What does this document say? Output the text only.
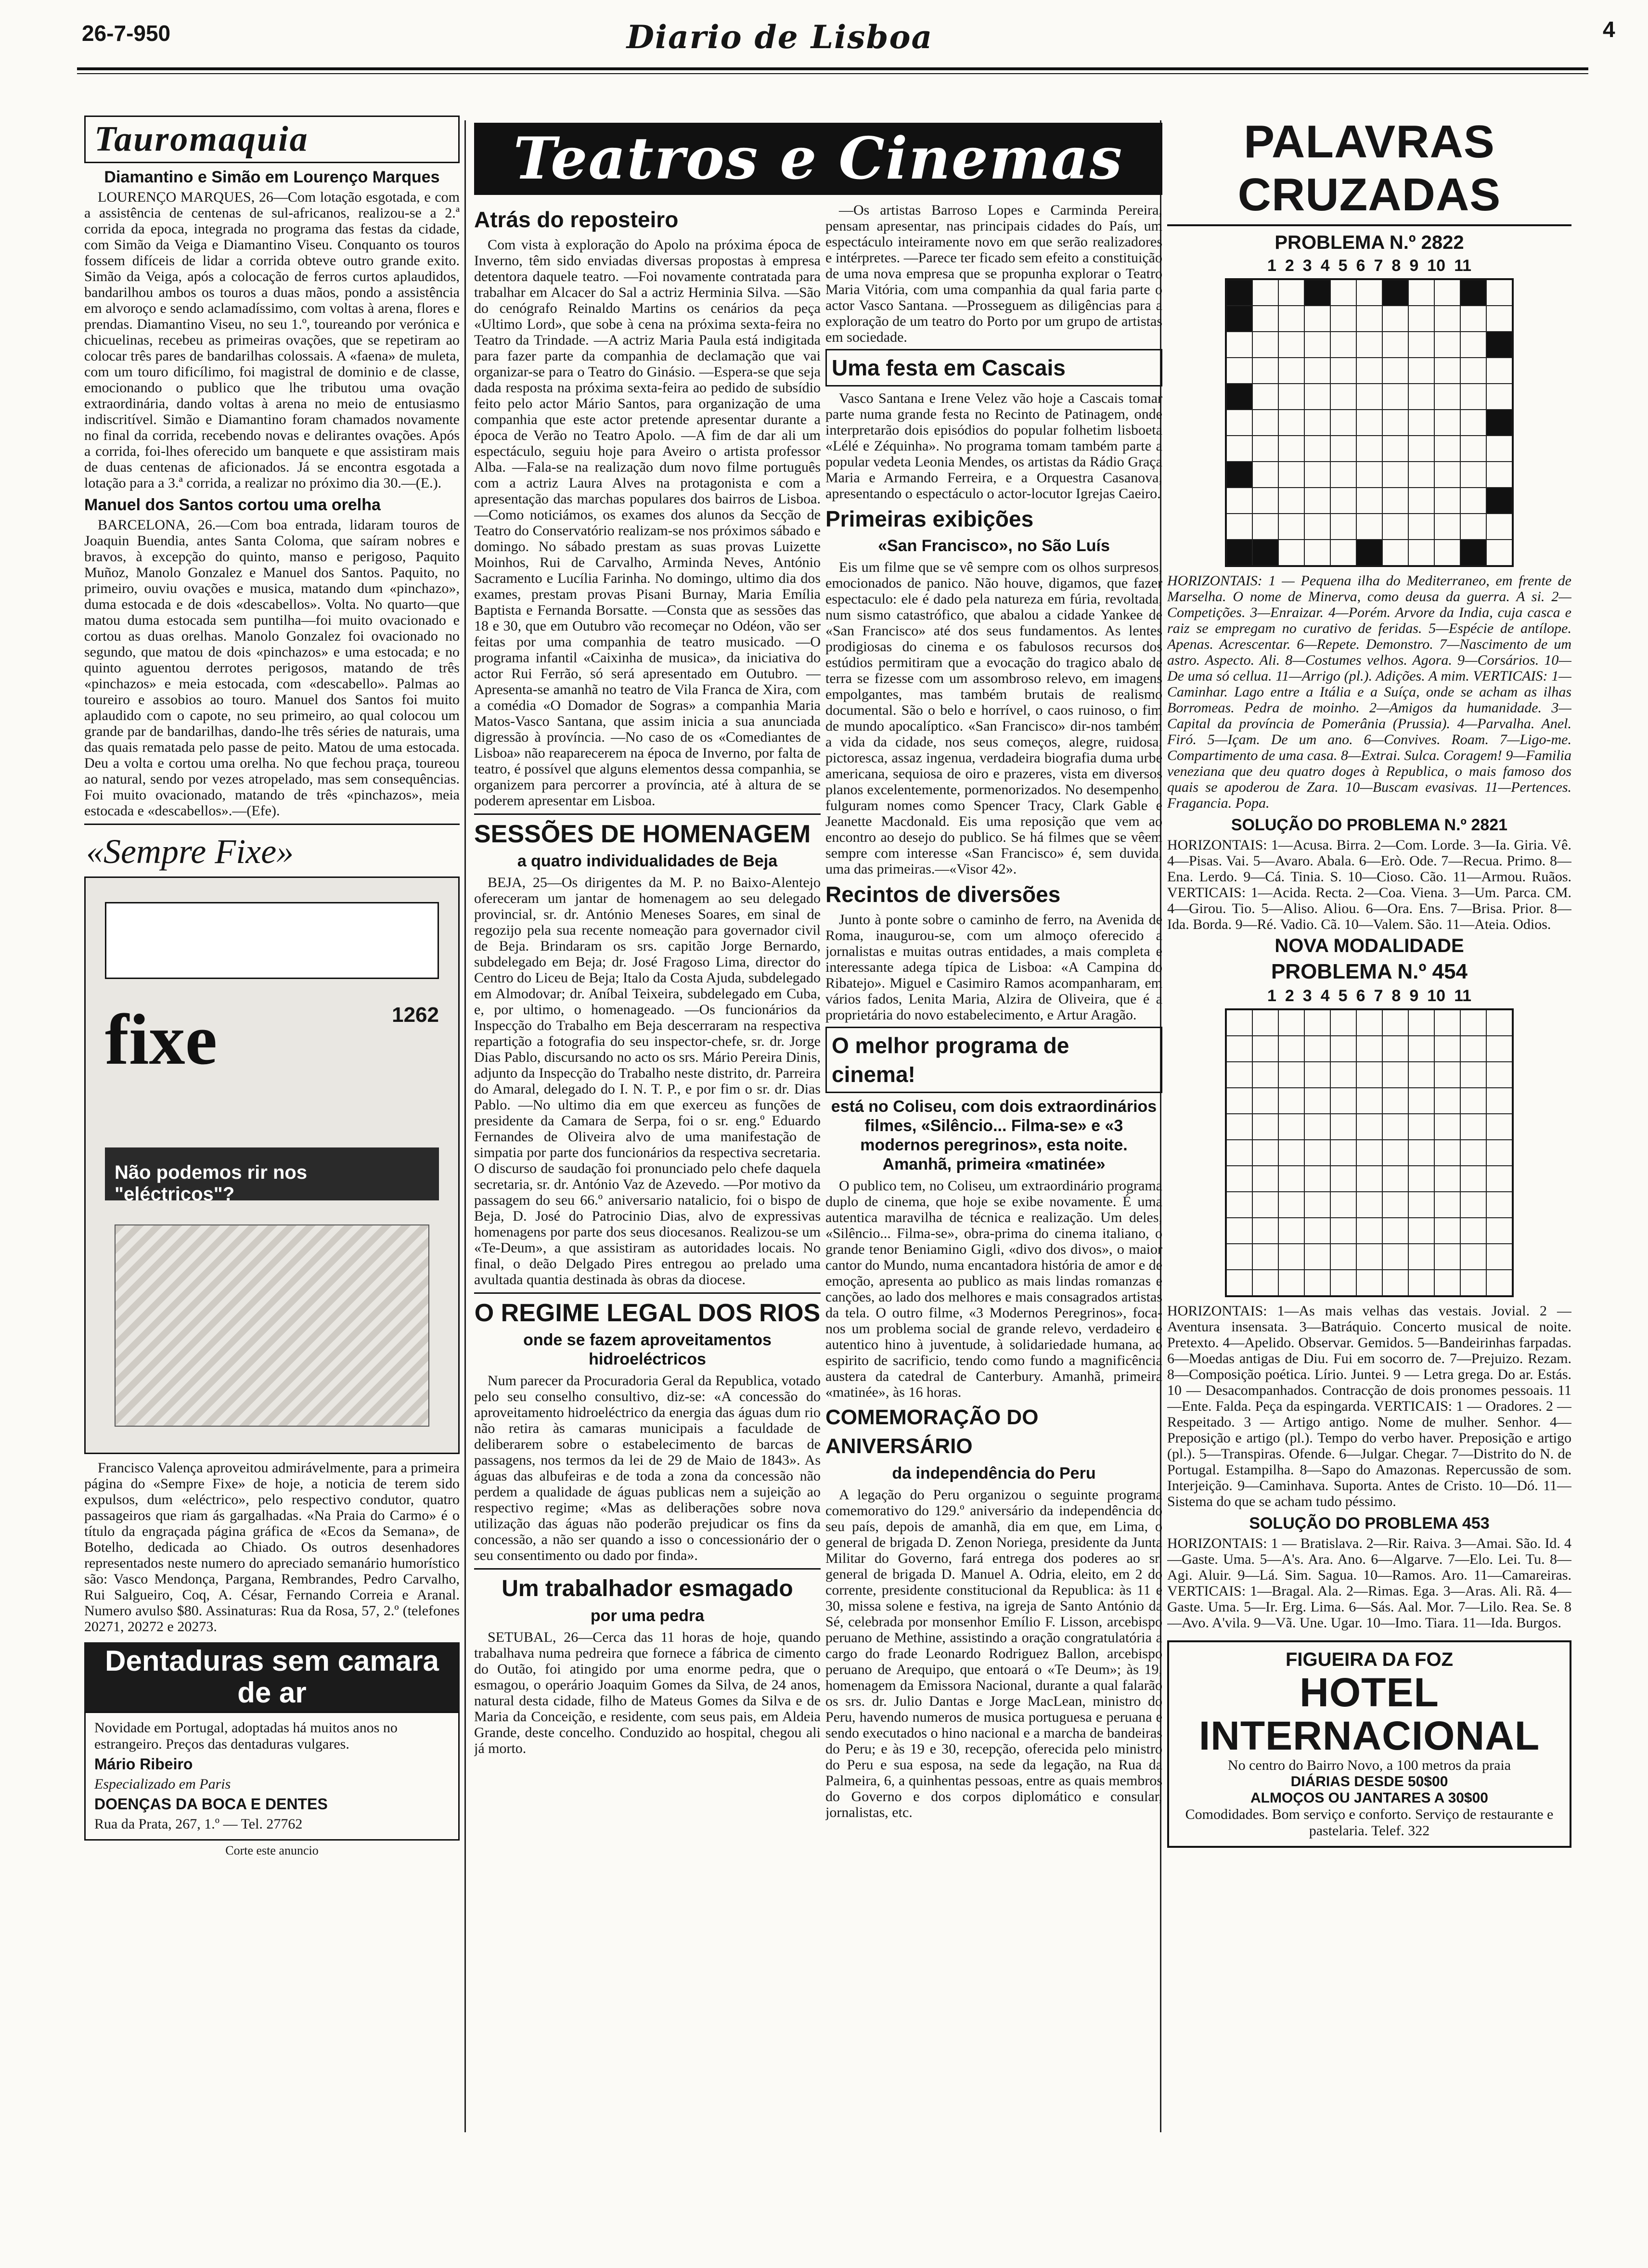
26-7-950	Diario de Lisboa	4
Tauromaquia
Diamantino e Simão em Lourenço Marques

LOURENÇO MARQUES, 26—Com lotação esgotada, e com a assistência de centenas de sul-africanos, realizou-se a 2.ª corrida da epoca, integrada no programa das festas da cidade, com Simão da Veiga e Diamantino Viseu. Conquanto os touros fossem difíceis de lidar a corrida obteve outro grande exito. Simão da Veiga, após a colocação de ferros curtos aplaudidos, bandarilhou ambos os touros a duas mãos, pondo a assistência em alvoroço e sendo aclamadíssimo, com voltas à arena, flores e prendas. Diamantino Viseu, no seu 1.º, toureando por verónica e chicuelinas, recebeu as primeiras ovações, que se repetiram ao colocar três pares de bandarilhas colossais. A «faena» de muleta, com um touro dificílimo, foi magistral de dominio e de classe, emocionando o publico que lhe tributou uma ovação extraordinária, dando voltas à arena no meio de entusiasmo indiscritível. Simão e Diamantino foram chamados novamente no final da corrida, recebendo novas e delirantes ovações. Após a corrida, foi-lhes oferecido um banquete e que assistiram mais de duas centenas de aficionados. Já se encontra esgotada a lotação para a 3.ª corrida, a realizar no próximo dia 30.—(E.).

Manuel dos Santos cortou uma orelha

BARCELONA, 26.—Com boa entrada, lidaram touros de Joaquin Buendia, antes Santa Coloma, que saíram nobres e bravos, à excepção do quinto, manso e perigoso, Paquito Muñoz, Manolo Gonzalez e Manuel dos Santos. Paquito, no primeiro, ouviu ovações e musica, matando dum «pinchazo», duma estocada e de dois «descabellos». Volta. No quarto—que matou duma estocada sem puntilha—foi muito ovacionado e cortou as duas orelhas. Manolo Gonzalez foi ovacionado no segundo, que matou de dois «pinchazos» e uma estocada; e no quinto aguentou derrotes perigosos, matando de três «pinchazos» e meia estocada, com «descabello». Palmas ao toureiro e assobios ao touro. Manuel dos Santos foi muito aplaudido com o capote, no seu primeiro, ao qual colocou um grande par de bandarilhas, dando-lhe três séries de naturais, uma das quais rematada pelo passe de peito. Matou de uma estocada. Deu a volta e cortou uma orelha. No que fechou praça, toureou ao natural, sendo por vezes atropelado, mas sem consequências. Foi muito ovacionado, matando de três «pinchazos», meia estocada e «descabellos».—(Efe).

«Sempre Fixe»
fixe	1262
Não podemos rir nos "eléctricos"?

Francisco Valença aproveitou admirávelmente, para a primeira página do «Sempre Fixe» de hoje, a noticia de terem sido expulsos, dum «eléctrico», pelo respectivo condutor, quatro passageiros que riam ás gargalhadas. «Na Praia do Carmo» é o título da engraçada página gráfica de «Ecos da Semana», de Botelho, dedicada ao Chiado. Os outros desenhadores representados neste numero do apreciado semanário humorístico são: Vasco Mendonça, Pargana, Rembrandes, Pedro Carvalho, Rui Salgueiro, Coq, A. César, Fernando Correia e Aranal. Numero avulso $80. Assinaturas: Rua da Rosa, 57, 2.º (telefones 20271, 20272 e 20273.

Dentaduras sem camara de ar
Novidade em Portugal, adoptadas há muitos anos no estrangeiro. Preços das dentaduras vulgares.
Mário Ribeiro
Especializado em Paris
DOENÇAS DA BOCA E DENTES
Rua da Prata, 267, 1.º — Tel. 27762
Corte este anuncio
Teatros e Cinemas
Atrás do reposteiro

Com vista à exploração do Apolo na próxima época de Inverno, têm sido enviadas diversas propostas à empresa detentora daquele teatro. —Foi novamente contratada para trabalhar em Alcacer do Sal a actriz Herminia Silva. —São do cenógrafo Reinaldo Martins os cenários da peça «Ultimo Lord», que sobe à cena na próxima sexta-feira no Teatro da Trindade. —A actriz Maria Paula está indigitada para fazer parte da companhia de declamação que vai organizar-se para o Teatro do Ginásio. —Espera-se que seja dada resposta na próxima sexta-feira ao pedido de subsídio feito pelo actor Mário Santos, para organização de uma companhia que este actor pretende apresentar durante a época de Verão no Teatro Apolo. —A fim de dar ali um espectáculo, seguiu hoje para Aveiro o artista professor Alba. —Fala-se na realização dum novo filme português com a actriz Laura Alves na protagonista e com a apresentação das marchas populares dos bairros de Lisboa. —Como noticiámos, os exames dos alunos da Secção de Teatro do Conservatório realizam-se nos próximos sábado e domingo. No sábado prestam as suas provas Luizette Moinhos, Rui de Carvalho, Arminda Neves, António Sacramento e Lucília Farinha. No domingo, ultimo dia dos exames, prestam provas Pisani Burnay, Maria Emília Baptista e Fernanda Borsatte. —Consta que as sessões das 18 e 30, que em Outubro vão recomeçar no Odéon, vão ser feitas por uma companhia de teatro musicado. —O programa infantil «Caixinha de musica», da iniciativa do actor Rui Ferrão, só será apresentado em Outubro. —Apresenta-se amanhã no teatro de Vila Franca de Xira, com a comédia «O Domador de Sogras» a companhia Maria Matos-Vasco Santana, que assim inicia a sua anunciada digressão à província. —No caso de os «Comediantes de Lisboa» não reaparecerem na época de Inverno, por falta de teatro, é possível que alguns elementos dessa companhia, se organizem para percorrer a província, até à altura de se poderem apresentar em Lisboa.

SESSÕES DE HOMENAGEM
a quatro individualidades de Beja

BEJA, 25—Os dirigentes da M. P. no Baixo-Alentejo ofereceram um jantar de homenagem ao seu delegado provincial, sr. dr. António Meneses Soares, em sinal de regozijo pela sua recente nomeação para governador civil de Beja. Brindaram os srs. capitão Jorge Bernardo, subdelegado em Beja; dr. José Fragoso Lima, director do Centro do Liceu de Beja; Italo da Costa Ajuda, subdelegado em Almodovar; dr. Aníbal Teixeira, subdelegado em Cuba, e, por ultimo, o homenageado. —Os funcionários da Inspecção do Trabalho em Beja descerraram na respectiva repartição a fotografia do seu inspector-chefe, sr. dr. Jorge Dias Pablo, discursando no acto os srs. Mário Pereira Dinis, adjunto da Inspecção do Trabalho neste distrito, dr. Parreira do Amaral, delegado do I. N. T. P., e por fim o sr. dr. Dias Pablo. —No ultimo dia em que exerceu as funções de presidente da Camara de Serpa, foi o sr. eng.º Eduardo Fernandes de Oliveira alvo de uma manifestação de simpatia por parte dos funcionários da respectiva secretaria. O discurso de saudação foi pronunciado pelo chefe daquela secretaria, sr. dr. António Vaz de Azevedo. —Por motivo da passagem do seu 66.º aniversario natalicio, foi o bispo de Beja, D. José do Patrocinio Dias, alvo de expressivas homenagens por parte dos seus diocesanos. Realizou-se um «Te-Deum», a que assistiram as autoridades locais. No final, o deão Delgado Pires entregou ao prelado uma avultada quantia destinada às obras da diocese.

O REGIME LEGAL DOS RIOS
onde se fazem aproveitamentos hidroeléctricos

Num parecer da Procuradoria Geral da Republica, votado pelo seu conselho consultivo, diz-se: «A concessão do aproveitamento hidroeléctrico da energia das águas dum rio não retira às camaras municipais a faculdade de deliberarem sobre o estabelecimento de barcas de passagens, nos termos da lei de 29 de Maio de 1843». As águas das albufeiras e de toda a zona da concessão não perdem a qualidade de águas publicas nem a sujeição ao respectivo regime; «Mas as deliberações sobre nova utilização das águas não poderão prejudicar os fins da concessão, a não ser quando a isso o concessionário der o seu consentimento ou dado por finda».

Um trabalhador esmagado
por uma pedra

SETUBAL, 26—Cerca das 11 horas de hoje, quando trabalhava numa pedreira que fornece a fábrica de cimento do Outão, foi atingido por uma enorme pedra, que o esmagou, o operário Joaquim Gomes da Silva, de 24 anos, natural desta cidade, filho de Mateus Gomes da Silva e de Maria da Conceição, e residente, com seus pais, em Aldeia Grande, deste concelho. Conduzido ao hospital, chegou ali já morto.

—Os artistas Barroso Lopes e Carminda Pereira, pensam apresentar, nas principais cidades do País, um espectáculo inteiramente novo em que serão realizadores e intérpretes. —Parece ter ficado sem efeito a constituição de uma nova empresa que se propunha explorar o Teatro Maria Vitória, com uma companhia da qual faria parte o actor Vasco Santana. —Prosseguem as diligências para a exploração de um teatro do Porto por um grupo de artistas em sociedade.

Uma festa em Cascais

Vasco Santana e Irene Velez vão hoje a Cascais tomar parte numa grande festa no Recinto de Patinagem, onde interpretarão dois episódios do popular folhetim lisboeta «Lélé e Zéquinha». No programa tomam também parte a popular vedeta Leonia Mendes, os artistas da Rádio Graça Maria e Armando Ferreira, e a Orquestra Casanova, apresentando o espectáculo o actor-locutor Igrejas Caeiro.

Primeiras exibições
«San Francisco», no São Luís

Eis um filme que se vê sempre com os olhos surpresos, emocionados de panico. Não houve, digamos, que fazer espectaculo: ele é dado pela natureza em fúria, revoltada, num sismo catastrófico, que abalou a cidade Yankee de «San Francisco» até dos seus fundamentos. As lentes prodigiosas do cinema e os fabulosos recursos dos estúdios permitiram que a evocação do tragico abalo de terra se fizesse com um assombroso relevo, em imagens empolgantes, mas também brutais de realismo documental. São o belo e horrível, o caos ruinoso, o fim de mundo apocalíptico. «San Francisco» dir-nos também a vida da cidade, nos seus começos, alegre, ruidosa, pictoresca, assaz ingenua, verdadeira biografia duma urbe americana, sequiosa de oiro e prazeres, vista em diversos planos excelentemente, pormenorizados. No desempenho, fulguram nomes como Spencer Tracy, Clark Gable e Jeanette Macdonald. Eis uma reposição que vem ao encontro ao desejo do publico. Se há filmes que se vêem sempre com interesse «San Francisco» é, sem duvida, uma das primeiras.—«Visor 42».

Recintos de diversões

Junto à ponte sobre o caminho de ferro, na Avenida de Roma, inaugurou-se, com um almoço oferecido a jornalistas e muitas outras entidades, a mais completa e interessante adega típica de Lisboa: «A Campina do Ribatejo». Miguel e Casimiro Ramos acompanharam, em vários fados, Lenita Maria, Alzira de Oliveira, que é a proprietária do novo estabelecimento, e Artur Aragão.

O melhor programa de cinema!
está no Coliseu, com dois extraordinários filmes, «Silêncio... Filma-se» e «3 modernos peregrinos», esta noite. Amanhã, primeira «matinée»

O publico tem, no Coliseu, um extraordinário programa duplo de cinema, que hoje se exibe novamente. É uma autentica maravilha de técnica e realização. Um deles, «Silêncio... Filma-se», obra-prima do cinema italiano, o grande tenor Beniamino Gigli, «divo dos divos», o maior cantor do Mundo, numa encantadora história de amor e de emoção, apresenta ao publico as mais lindas romanzas e canções, ao lado dos melhores e mais consagrados artistas da tela. O outro filme, «3 Modernos Peregrinos», foca-nos um problema social de grande relevo, verdadeiro e autentico hino à juventude, à solidariedade humana, ao espirito de sacrificio, tendo como fundo a magnificência austera da catedral de Canterbury. Amanhã, primeira «matinée», às 16 horas.

COMEMORAÇÃO DO ANIVERSÁRIO
da independência do Peru

A legação do Peru organizou o seguinte programa comemorativo do 129.º aniversário da independência do seu país, depois de amanhã, dia em que, em Lima, o general de brigada D. Zenon Noriega, presidente da Junta Militar do Governo, fará entrega dos poderes ao sr. general de brigada D. Manuel A. Odria, eleito, em 2 do corrente, presidente constitucional da Republica: às 11 e 30, missa solene e festiva, na igreja de Santo António da Sé, celebrada por monsenhor Emílio F. Lisson, arcebispo peruano de Methine, assistindo a oração congratulatória a cargo do frade Leonardo Rodriguez Ballon, arcebispo peruano de Arequipo, que entoará o «Te Deum»; às 19, homenagem da Emissora Nacional, durante a qual falarão os srs. dr. Julio Dantas e Jorge MacLean, ministro do Peru, havendo numeros de musica portuguesa e peruana e sendo executados o hino nacional e a marcha de bandeiras do Peru; e às 19 e 30, recepção, oferecida pelo ministro do Peru e sua esposa, na sede da legação, na Rua da Palmeira, 6, a quinhentas pessoas, entre as quais membros do Governo e dos corpos diplomático e consular, jornalistas, etc.

PALAVRAS CRUZADAS
PROBLEMA N.º 2822
1 2 3 4 5 6 7 8 9 10 11

HORIZONTAIS: 1 — Pequena ilha do Mediterraneo, em frente de Marselha. O nome de Minerva, como deusa da guerra. A si. 2—Competições. 3—Enraizar. 4—Porém. Arvore da India, cuja casca e raiz se empregam no curativo de feridas. 5—Espécie de antílope. Apenas. Acrescentar. 6—Repete. Demonstro. 7—Nascimento de um astro. Aspecto. Ali. 8—Costumes velhos. Agora. 9—Corsários. 10—De uma só cellua. 11—Arrigo (pl.). Adições. A mim. VERTICAIS: 1—Caminhar. Lago entre a Itália e a Suíça, onde se acham as ilhas Borromeas. Pedra de moinho. 2—Amigos da humanidade. 3—Capital da província de Pomerânia (Prussia). 4—Parvalha. Anel. Firó. 5—Içam. De um ano. 6—Convives. Roam. 7—Ligo-me. Compartimento de uma casa. 8—Extrai. Sulca. Coragem! 9—Familia veneziana que deu quatro doges à Republica, o mais famoso dos quais se apoderou de Zara. 10—Buscam evasivas. 11—Pertences. Fragancia. Popa.

SOLUÇÃO DO PROBLEMA N.º 2821

HORIZONTAIS: 1—Acusa. Birra. 2—Com. Lorde. 3—Ia. Giria. Vê. 4—Pisas. Vai. 5—Avaro. Abala. 6—Erò. Ode. 7—Recua. Primo. 8—Ena. Lerdo. 9—Cá. Tinia. S. 10—Cioso. Cão. 11—Armou. Ruãos. VERTICAIS: 1—Acida. Recta. 2—Coa. Viena. 3—Um. Parca. CM. 4—Girou. Tio. 5—Aliso. Aliou. 6—Ora. Ens. 7—Brisa. Prior. 8—Ida. Borda. 9—Ré. Vadio. Cã. 10—Valem. São. 11—Ateia. Odios.

NOVA MODALIDADE
PROBLEMA N.º 454
1 2 3 4 5 6 7 8 9 10 11

HORIZONTAIS: 1—As mais velhas das vestais. Jovial. 2 — Aventura insensata. 3—Batráquio. Concerto musical de noite. Pretexto. 4—Apelido. Observar. Gemidos. 5—Bandeirinhas farpadas. 6—Moedas antigas de Diu. Fui em socorro de. 7—Prejuizo. Rezam. 8—Composição poética. Lírio. Juntei. 9 — Letra grega. Do ar. Estás. 10 — Desacompanhados. Contracção de dois pronomes pessoais. 11—Ente. Falda. Peça da espingarda. VERTICAIS: 1 — Oradores. 2 — Respeitado. 3 — Artigo antigo. Nome de mulher. Senhor. 4—Preposição e artigo (pl.). Tempo do verbo haver. Preposição e artigo (pl.). 5—Transpiras. Ofende. 6—Julgar. Chegar. 7—Distrito do N. de Portugal. Estampilha. 8—Sapo do Amazonas. Repercussão de som. Interjeição. 9—Caminhava. Suporta. Antes de Cristo. 10—Dó. 11—Sistema do que se acham tudo péssimo.

SOLUÇÃO DO PROBLEMA 453

HORIZONTAIS: 1 — Bratislava. 2—Rir. Raiva. 3—Amai. São. Id. 4—Gaste. Uma. 5—A's. Ara. Ano. 6—Algarve. 7—Elo. Lei. Tu. 8—Agi. Aluir. 9—Lá. Sim. Sagua. 10—Ramos. Aro. 11—Camareiras. VERTICAIS: 1—Bragal. Ala. 2—Rimas. Ega. 3—Aras. Ali. Rã. 4—Gaste. Uma. 5—Ir. Erg. Lima. 6—Sás. Aal. Mor. 7—Lilo. Rea. Se. 8—Avo. A'vila. 9—Vã. Une. Ugar. 10—Imo. Tiara. 11—Ida. Burgos.

FIGUEIRA DA FOZ
HOTEL INTERNACIONAL
No centro do Bairro Novo, a 100 metros da praia
DIÁRIAS DESDE 50$00
ALMOÇOS OU JANTARES A 30$00
Comodidades. Bom serviço e conforto. Serviço de restaurante e pastelaria. Telef. 322
